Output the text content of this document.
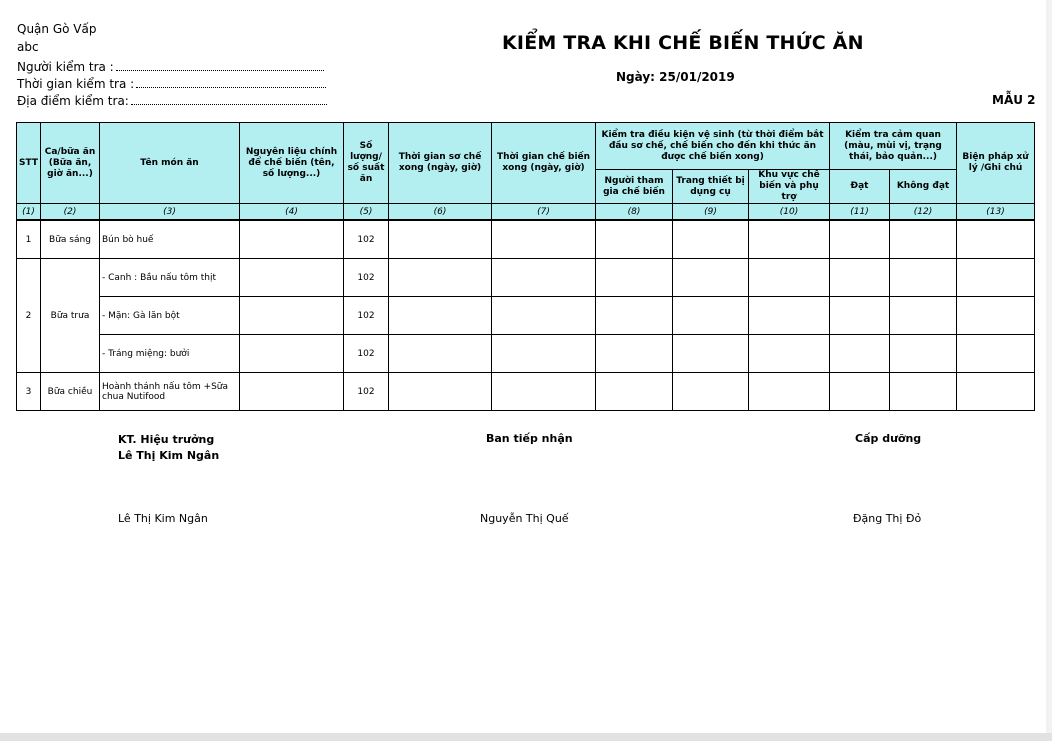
Quận Gò Vấp
abc
Người kiểm tra :
Thời gian kiểm tra :
Địa điểm kiểm tra:
KIỂM TRA KHI CHẾ BIẾN THỨC ĂN
Ngày: 25/01/2019
MẪU 2
STT	Ca/bữa ăn (Bữa ăn, giờ ăn...)	Tên món ăn	Nguyên liệu chính để chế biến (tên, số lượng...)	Số lượng/ số suất ăn	Thời gian sơ chế xong (ngày, giờ)	Thời gian chế biến xong (ngày, giờ)	Kiểm tra điều kiện vệ sinh (từ thời điểm bắt đầu sơ chế, chế biến cho đến khi thức ăn được chế biến xong)			Kiểm tra cảm quan (màu, mùi vị, trạng thái, bảo quản...)		Biện pháp xử lý /Ghi chú
							Người tham gia chế biến	Trang thiết bị dụng cụ	Khu vực chế biến và phụ trợ	Đạt	Không đạt	
(1)	(2)	(3)	(4)	(5)	(6)	(7)	(8)	(9)	(10)	(11)	(12)	(13)
1	Bữa sáng	Bún bò huế		102								
2	Bữa trưa	- Canh : Bầu nấu tôm thịt		102								
		- Mặn: Gà lăn bột		102								
		- Tráng miệng: bưởi		102								
3	Bữa chiều	Hoành thánh nấu tôm +Sữa chua Nutifood		102								
KT. Hiệu trưởng
Lê Thị Kim Ngân
Lê Thị Kim Ngân
Ban tiếp nhận
Nguyễn Thị Quế
Cấp dưỡng
Đặng Thị Đỏ
